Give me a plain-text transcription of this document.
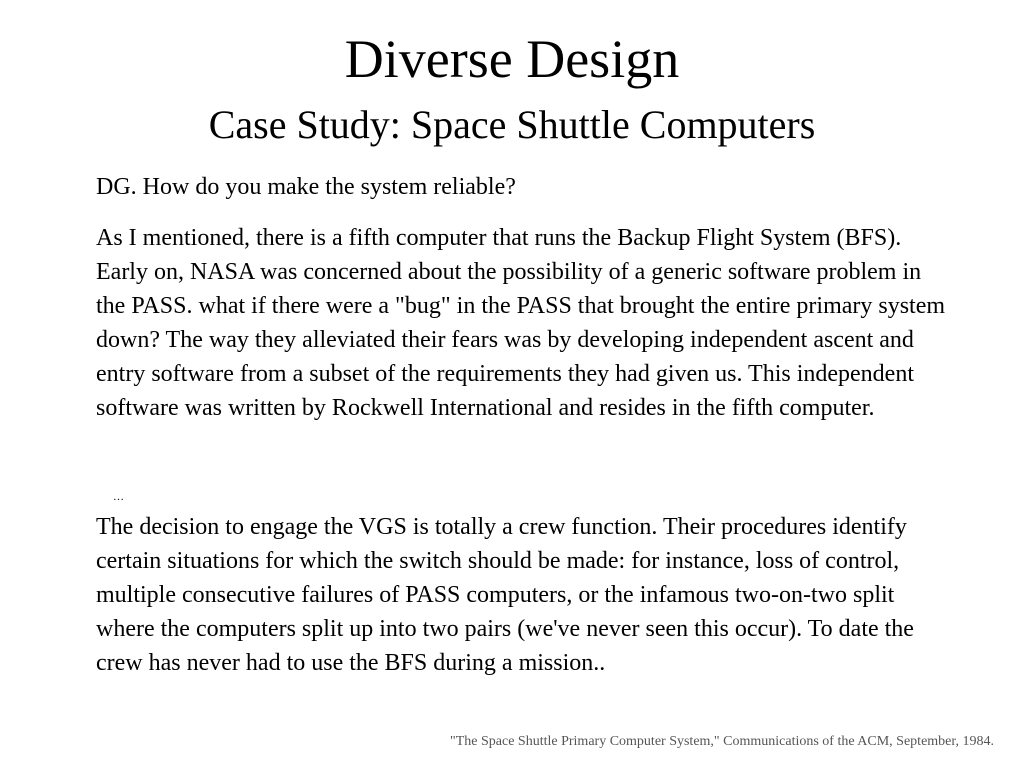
Diverse Design
Case Study: Space Shuttle Computers
DG. How do you make the system reliable?
As I mentioned, there is a fifth computer that runs the Backup Flight System (BFS). Early on, NASA was concerned about the possibility of a generic software problem in the PASS. what if there were a "bug" in the PASS that brought the entire primary system down? The way they alleviated their fears was by developing independent ascent and entry software from a subset of the requirements they had given us. This independent software was written by Rockwell International and resides in the fifth computer.
…
The decision to engage the VGS is totally a crew function. Their procedures identify certain situations for which the switch should be made: for instance, loss of control, multiple consecutive failures of PASS computers, or the infamous two-on-two split where the computers split up into two pairs (we've never seen this occur). To date the crew has never had to use the BFS during a mission..
"The Space Shuttle Primary Computer System," Communications of the ACM, September, 1984.
